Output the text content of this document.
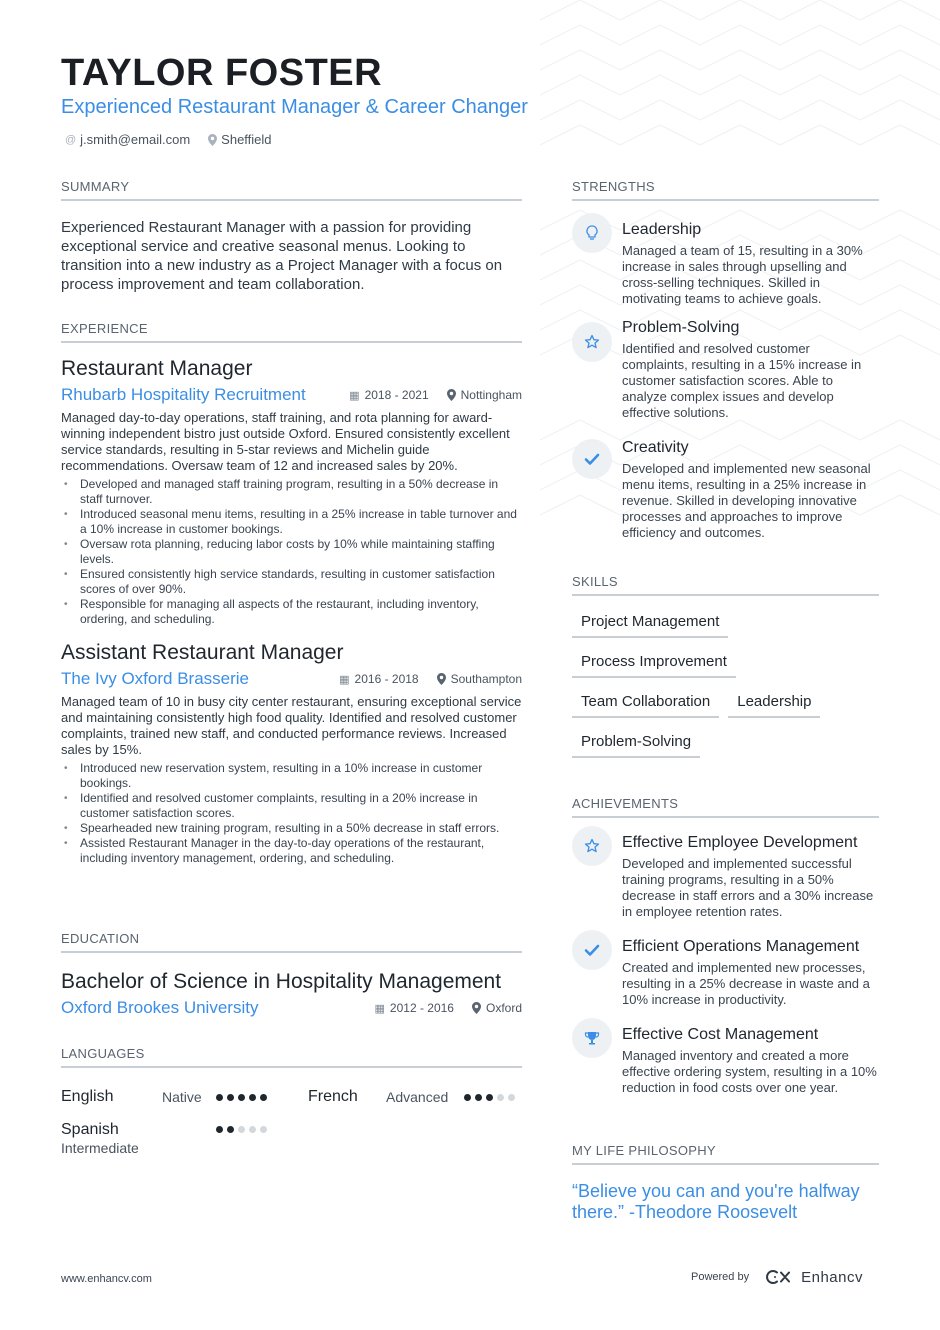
TAYLOR FOSTER
Experienced Restaurant Manager & Career Changer
@ j.smith@email.com Sheffield
SUMMARY
Experienced Restaurant Manager with a passion for providing exceptional service and creative seasonal menus. Looking to transition into a new industry as a Project Manager with a focus on process improvement and team collaboration.
EXPERIENCE
Restaurant Manager
Rhubarb Hospitality Recruitment	▦ 2018 - 2021	Nottingham
Managed day-to-day operations, staff training, and rota planning for award-winning independent bistro just outside Oxford. Ensured consistently excellent service standards, resulting in 5-star reviews and Michelin guide recommendations. Oversaw team of 12 and increased sales by 20%.
• Developed and managed staff training program, resulting in a 50% decrease in staff turnover.
• Introduced seasonal menu items, resulting in a 25% increase in table turnover and a 10% increase in customer bookings.
• Oversaw rota planning, reducing labor costs by 10% while maintaining staffing levels.
• Ensured consistently high service standards, resulting in customer satisfaction scores of over 90%.
• Responsible for managing all aspects of the restaurant, including inventory, ordering, and scheduling.
Assistant Restaurant Manager
The Ivy Oxford Brasserie	▦ 2016 - 2018	Southampton
Managed team of 10 in busy city center restaurant, ensuring exceptional service and maintaining consistently high food quality. Identified and resolved customer complaints, trained new staff, and conducted performance reviews. Increased sales by 15%.
• Introduced new reservation system, resulting in a 10% increase in customer bookings.
• Identified and resolved customer complaints, resulting in a 20% increase in customer satisfaction scores.
• Spearheaded new training program, resulting in a 50% decrease in staff errors.
• Assisted Restaurant Manager in the day-to-day operations of the restaurant, including inventory management, ordering, and scheduling.
EDUCATION
Bachelor of Science in Hospitality Management
Oxford Brookes University	▦ 2012 - 2016	Oxford
LANGUAGES
English	Native	French	Advanced
Spanish
Intermediate
STRENGTHS
Leadership
Managed a team of 15, resulting in a 30% increase in sales through upselling and cross-selling techniques. Skilled in motivating teams to achieve goals.
Problem-Solving
Identified and resolved customer complaints, resulting in a 15% increase in customer satisfaction scores. Able to analyze complex issues and develop effective solutions.
Creativity
Developed and implemented new seasonal menu items, resulting in a 25% increase in revenue. Skilled in developing innovative processes and approaches to improve efficiency and outcomes.
SKILLS
Project Management
Process Improvement
Team Collaboration	Leadership
Problem-Solving
ACHIEVEMENTS
Effective Employee Development
Developed and implemented successful training programs, resulting in a 50% decrease in staff errors and a 30% increase in employee retention rates.
Efficient Operations Management
Created and implemented new processes, resulting in a 25% decrease in waste and a 10% increase in productivity.
Effective Cost Management
Managed inventory and created a more effective ordering system, resulting in a 10% reduction in food costs over one year.
MY LIFE PHILOSOPHY
“Believe you can and you're halfway there.” -Theodore Roosevelt
www.enhancv.com	Powered by	Enhancv
